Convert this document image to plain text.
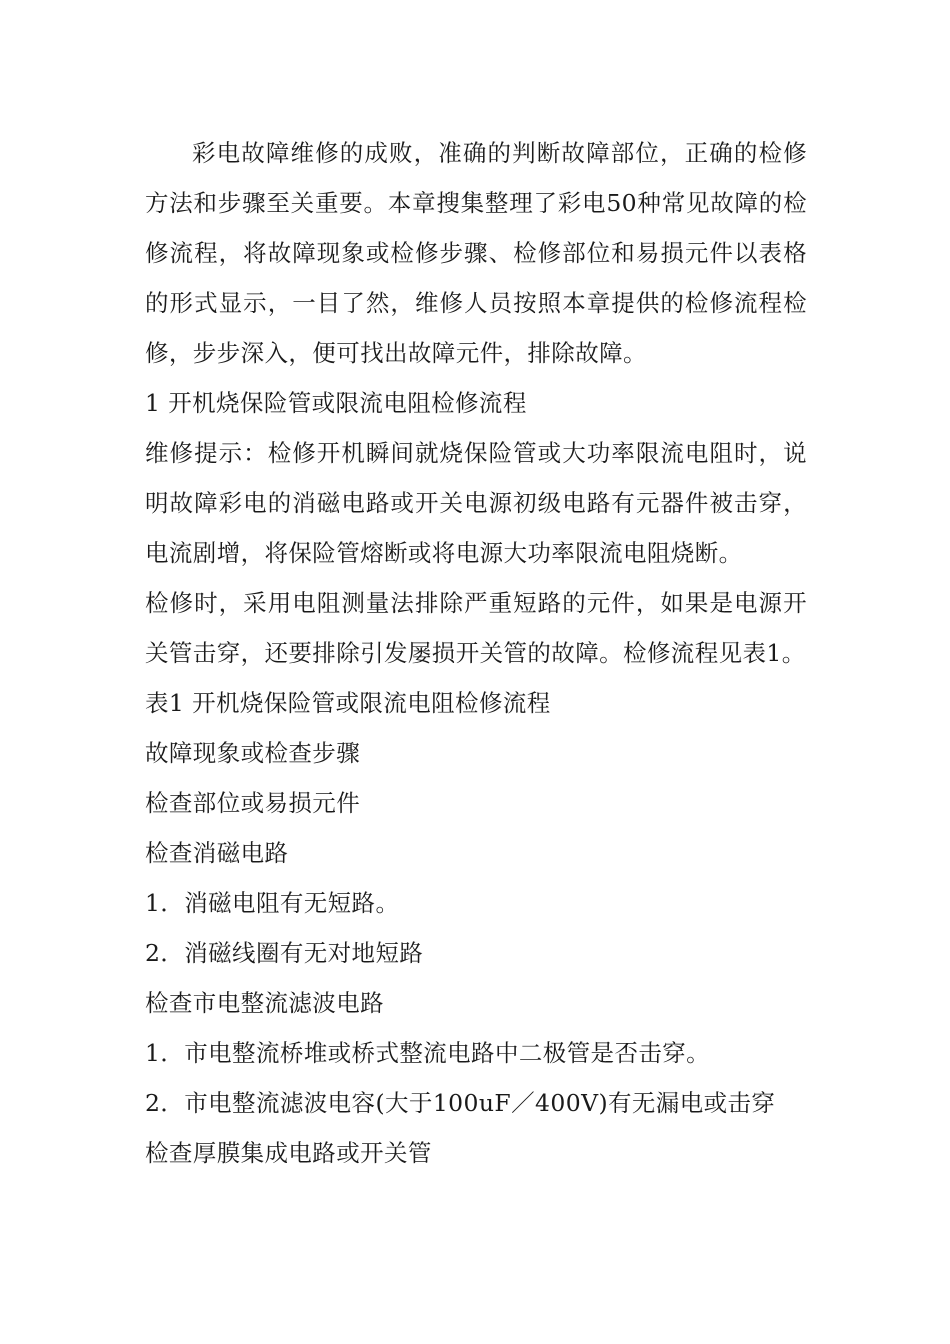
彩电故障维修的成败，准确的判断故障部位，正确的检修方法和步骤至关重要。本章搜集整理了彩电50种常见故障的检修流程，将故障现象或检修步骤、检修部位和易损元件以表格的形式显示，一目了然，维修人员按照本章提供的检修流程检修，步步深入，便可找出故障元件，排除故障。

1 开机烧保险管或限流电阻检修流程

维修提示：检修开机瞬间就烧保险管或大功率限流电阻时，说明故障彩电的消磁电路或开关电源初级电路有元器件被击穿，电流剧增，将保险管熔断或将电源大功率限流电阻烧断。

检修时，采用电阻测量法排除严重短路的元件，如果是电源开关管击穿，还要排除引发屡损开关管的故障。检修流程见表1。

表1 开机烧保险管或限流电阻检修流程

故障现象或检查步骤

检查部位或易损元件

检查消磁电路

1．消磁电阻有无短路。

2．消磁线圈有无对地短路

检查市电整流滤波电路

1．市电整流桥堆或桥式整流电路中二极管是否击穿。

2．市电整流滤波电容(大于100uF／400V)有无漏电或击穿

检查厚膜集成电路或开关管
